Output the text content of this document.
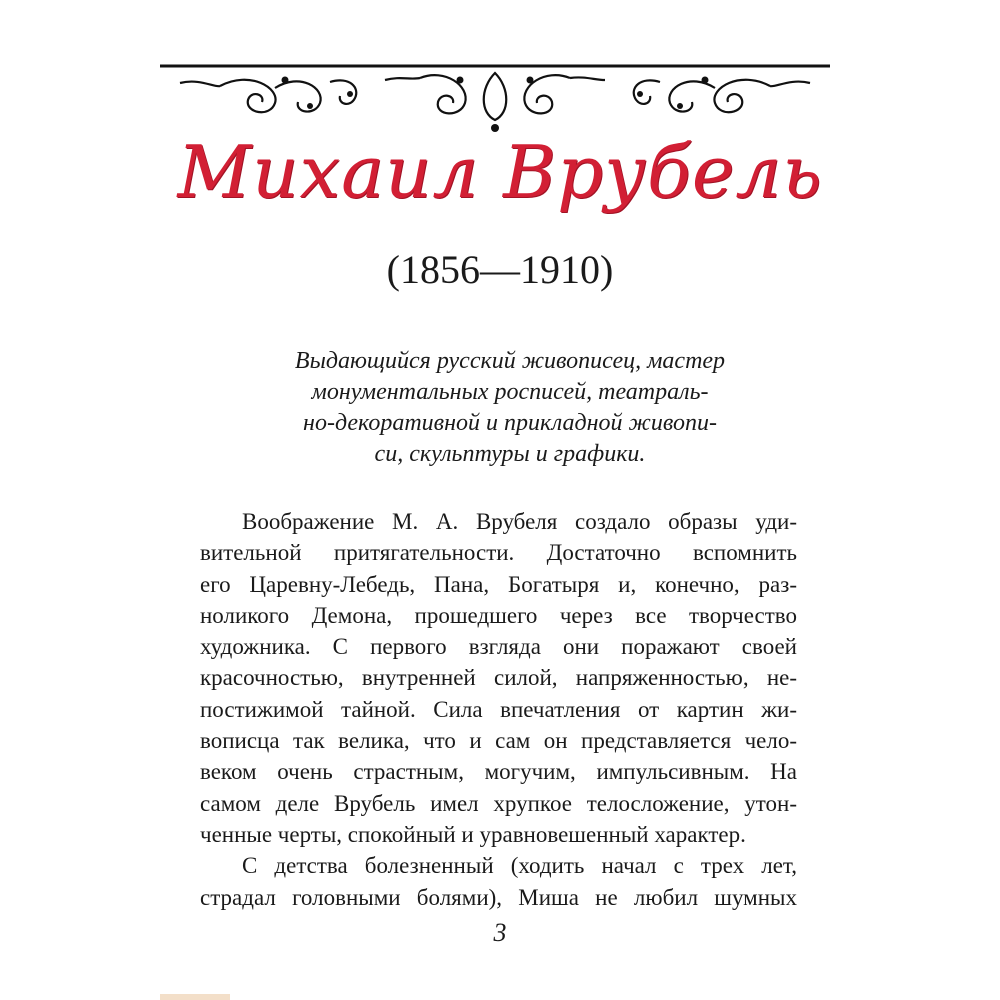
Михаил Врубель
(1856—1910)
Выдающийся русский живописец, мастер
монументальных росписей, театраль-
но-декоративной и прикладной живопи-
си, скульптуры и графики.
Воображение М. А. Врубеля создало образы уди-
вительной притягательности. Достаточно вспомнить
его Царевну-Лебедь, Пана, Богатыря и, конечно, раз-
ноликого Демона, прошедшего через все творчество
художника. С первого взгляда они поражают своей
красочностью, внутренней силой, напряженностью, не-
постижимой тайной. Сила впечатления от картин жи-
вописца так велика, что и сам он представляется чело-
веком очень страстным, могучим, импульсивным. На
самом деле Врубель имел хрупкое телосложение, утон-
ченные черты, спокойный и уравновешенный характер.
С детства болезненный (ходить начал с трех лет,
страдал головными болями), Миша не любил шумных
3
